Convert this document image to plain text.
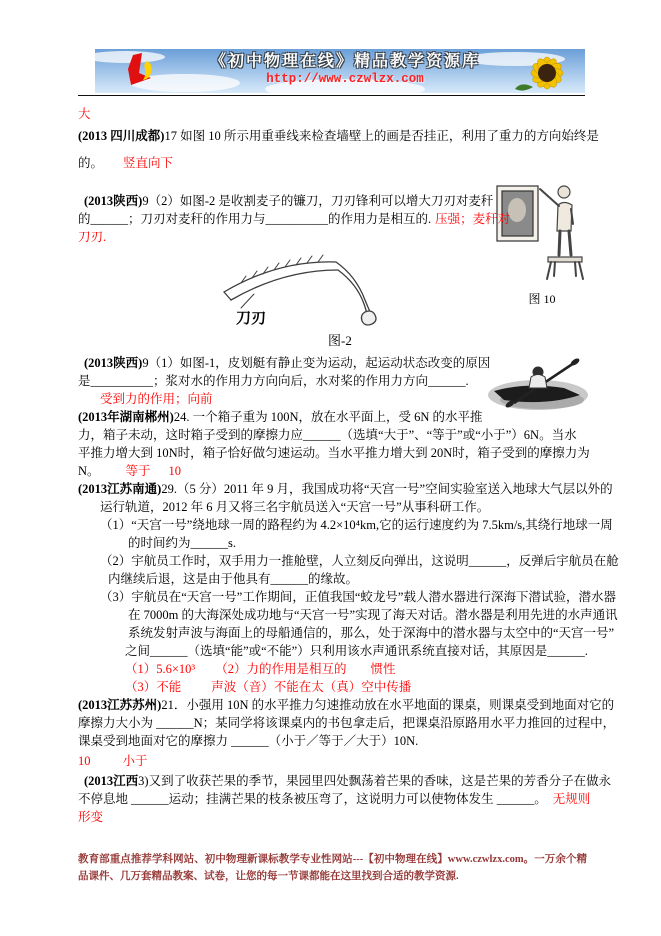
《初中物理在线》精品教学资源库
http://www.czwlzx.com
图 10
大
(2013 四川成都)17 如图 10 所示用重垂线来检查墙壁上的画是否挂正，利用了重力的方向始终是
的。 竖直向下
(2013陕西)9（2）如图-2 是收割麦子的镰刀，刀刃锋利可以增大刀刃对麦秆
的______；刀刃对麦秆的作用力与__________的作用力是相互的. 压强；麦秆对
刀刃.
刀刃
图-2
(2013陕西)9（1）如图-1，皮划艇有静止变为运动，起运动状态改变的原因
是__________；浆对水的作用力方向向后，水对桨的作用力方向______.
受到力的作用；向前
(2013年湖南郴州)24. 一个箱子重为 100N，放在水平面上，受 6N 的水平推
力，箱子未动，这时箱子受到的摩擦力应______（选填“大于”、“等于”或“小于”）6N。当水
平推力增大到 10N时，箱子恰好做匀速运动。当水平推力增大到 20N时，箱子受到的摩擦力为
N。 等于 10
(2013江苏南通)29.（5 分）2011 年 9 月，我国成功将“天宫一号”空间实验室送入地球大气层以外的
运行轨道，2012 年 6 月又将三名宇航员送入“天宫一号”从事科研工作。
（1）“天宫一号”绕地球一周的路程约为 4.2×10⁴km,它的运行速度约为 7.5km/s,其绕行地球一周
的时间约为______s.
（2）宇航员工作时，双手用力一推舱壁，人立刻反向弹出，这说明______，反弹后宇航员在舱
内继续后退，这是由于他具有______的缘故。
（3）宇航员在“天宫一号”工作期间，正值我国“蛟龙号”载人潜水器进行深海下潜试验，潜水器
在 7000m 的大海深处成功地与“天宫一号”实现了海天对话。潜水器是利用先进的水声通讯
系统发射声波与海面上的母船通信的，那么，处于深海中的潜水器与太空中的“天宫一号”
之间______（选填“能”或“不能”）只利用该水声通讯系统直接对话，其原因是______.
（1）5.6×10³ （2）力的作用是相互的 惯性
（3）不能 声波（音）不能在太（真）空中传播
(2013江苏苏州)21．小强用 10N 的水平推力匀速推动放在水平地面的课桌，则课桌受到地面对它的
摩擦力大小为 ______N；某同学将该课桌内的书包拿走后，把课桌沿原路用水平力推回的过程中，
课桌受到地面对它的摩擦力 ______（小于／等于／大于）10N.
10	小于
(2013江西3)又到了收获芒果的季节，果园里四处飘荡着芒果的香味，这是芒果的芳香分子在做永
不停息地 ______运动；挂满芒果的枝条被压弯了，这说明力可以使物体发生 ______。 无规则
形变
教育部重点推荐学科网站、初中物理新课标教学专业性网站---【初中物理在线】www.czwlzx.com。一万余个精品课件、几万套精品教案、试卷，让您的每一节课都能在这里找到合适的教学资源.
